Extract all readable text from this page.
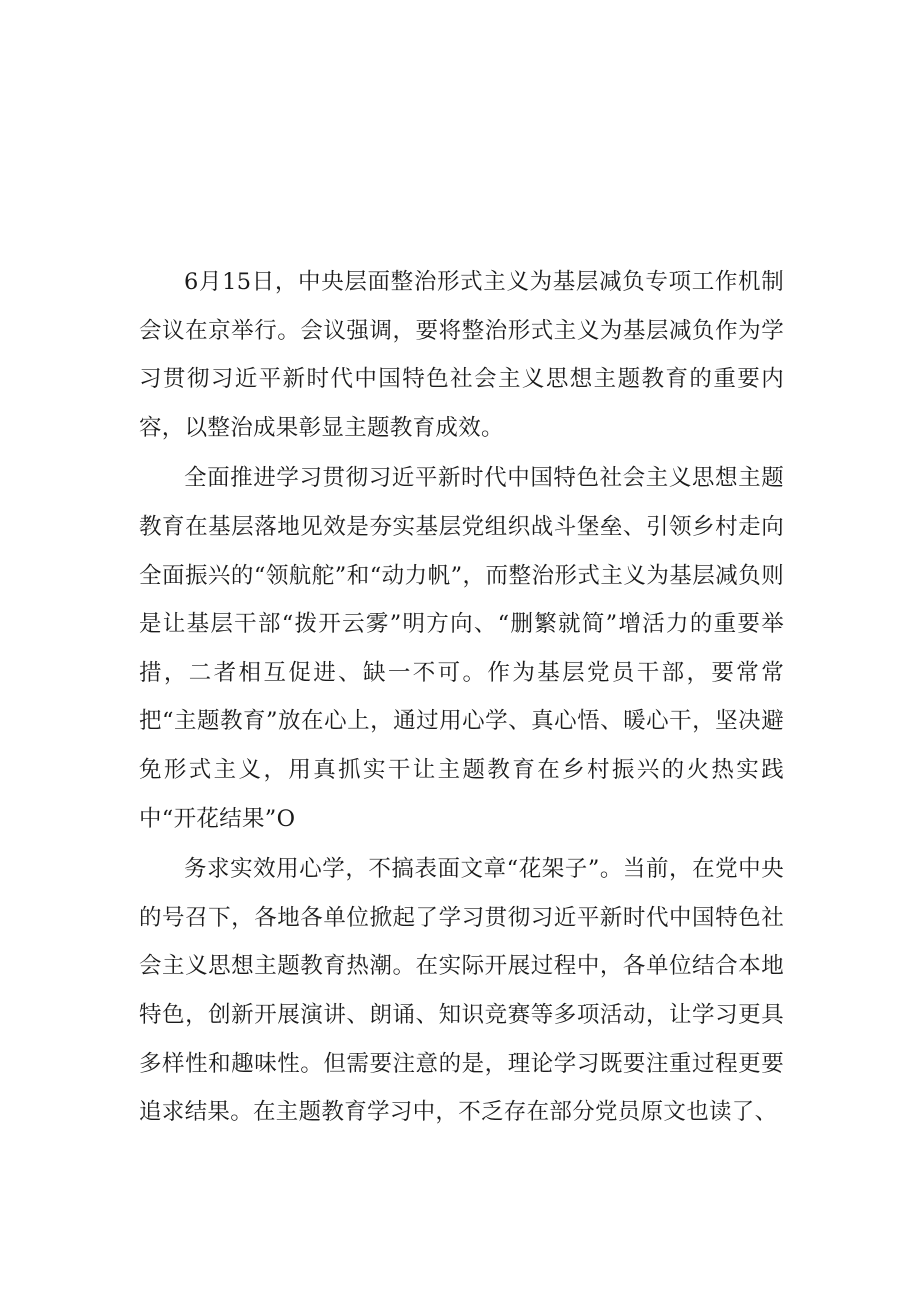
6月15日，中央层面整治形式主义为基层减负专项工作机制会议在京举行。会议强调，要将整治形式主义为基层减负作为学习贯彻习近平新时代中国特色社会主义思想主题教育的重要内容，以整治成果彰显主题教育成效。

全面推进学习贯彻习近平新时代中国特色社会主义思想主题教育在基层落地见效是夯实基层党组织战斗堡垒、引领乡村走向全面振兴的“领航舵”和“动力帆”，而整治形式主义为基层减负则是让基层干部“拨开云雾”明方向、“删繁就简”增活力的重要举措，二者相互促进、缺一不可。作为基层党员干部，要常常把“主题教育”放在心上，通过用心学、真心悟、暖心干，坚决避免形式主义，用真抓实干让主题教育在乡村振兴的火热实践中“开花结果”O

务求实效用心学，不搞表面文章“花架子”。当前，在党中央的号召下，各地各单位掀起了学习贯彻习近平新时代中国特色社会主义思想主题教育热潮。在实际开展过程中，各单位结合本地特色，创新开展演讲、朗诵、知识竞赛等多项活动，让学习更具多样性和趣味性。但需要注意的是，理论学习既要注重过程更要追求结果。在主题教育学习中，不乏存在部分党员原文也读了、
